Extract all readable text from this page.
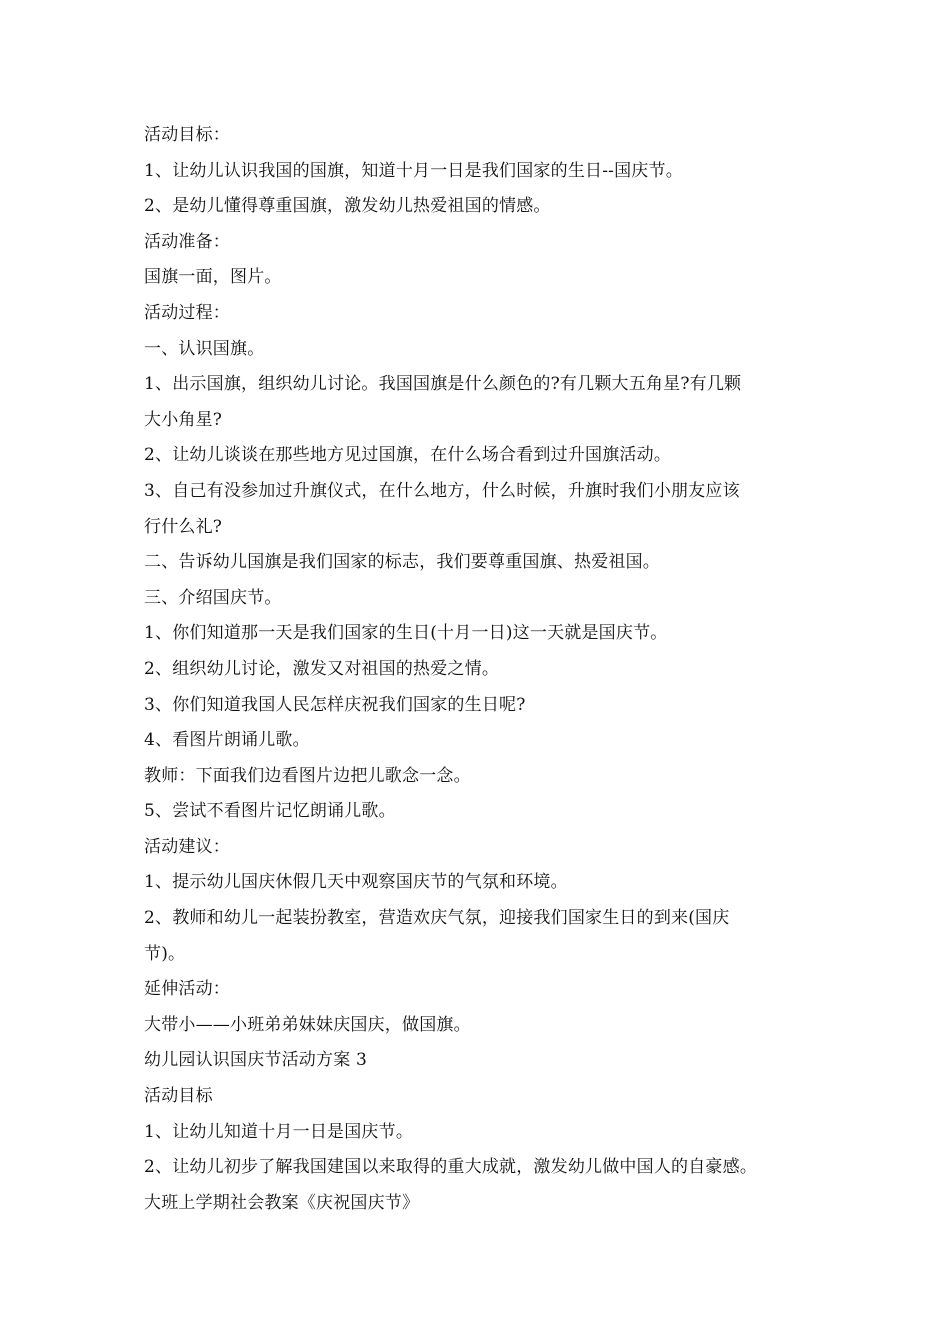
活动目标：
1、让幼儿认识我国的国旗，知道十月一日是我们国家的生日--国庆节。
2、是幼儿懂得尊重国旗，激发幼儿热爱祖国的情感。
活动准备：
国旗一面，图片。
活动过程：
一、认识国旗。
1、出示国旗，组织幼儿讨论。我国国旗是什么颜色的?有几颗大五角星?有几颗
大小角星?
2、让幼儿谈谈在那些地方见过国旗，在什么场合看到过升国旗活动。
3、自己有没参加过升旗仪式，在什么地方，什么时候，升旗时我们小朋友应该
行什么礼?
二、告诉幼儿国旗是我们国家的标志，我们要尊重国旗、热爱祖国。
三、介绍国庆节。
1、你们知道那一天是我们国家的生日(十月一日)这一天就是国庆节。
2、组织幼儿讨论，激发又对祖国的热爱之情。
3、你们知道我国人民怎样庆祝我们国家的生日呢?
4、看图片朗诵儿歌。
教师：下面我们边看图片边把儿歌念一念。
5、尝试不看图片记忆朗诵儿歌。
活动建议：
1、提示幼儿国庆休假几天中观察国庆节的气氛和环境。
2、教师和幼儿一起装扮教室，营造欢庆气氛，迎接我们国家生日的到来(国庆
节)。
延伸活动：
大带小——小班弟弟妹妹庆国庆，做国旗。
幼儿园认识国庆节活动方案 3
活动目标
1、让幼儿知道十月一日是国庆节。
2、让幼儿初步了解我国建国以来取得的重大成就，激发幼儿做中国人的自豪感。
大班上学期社会教案《庆祝国庆节》
